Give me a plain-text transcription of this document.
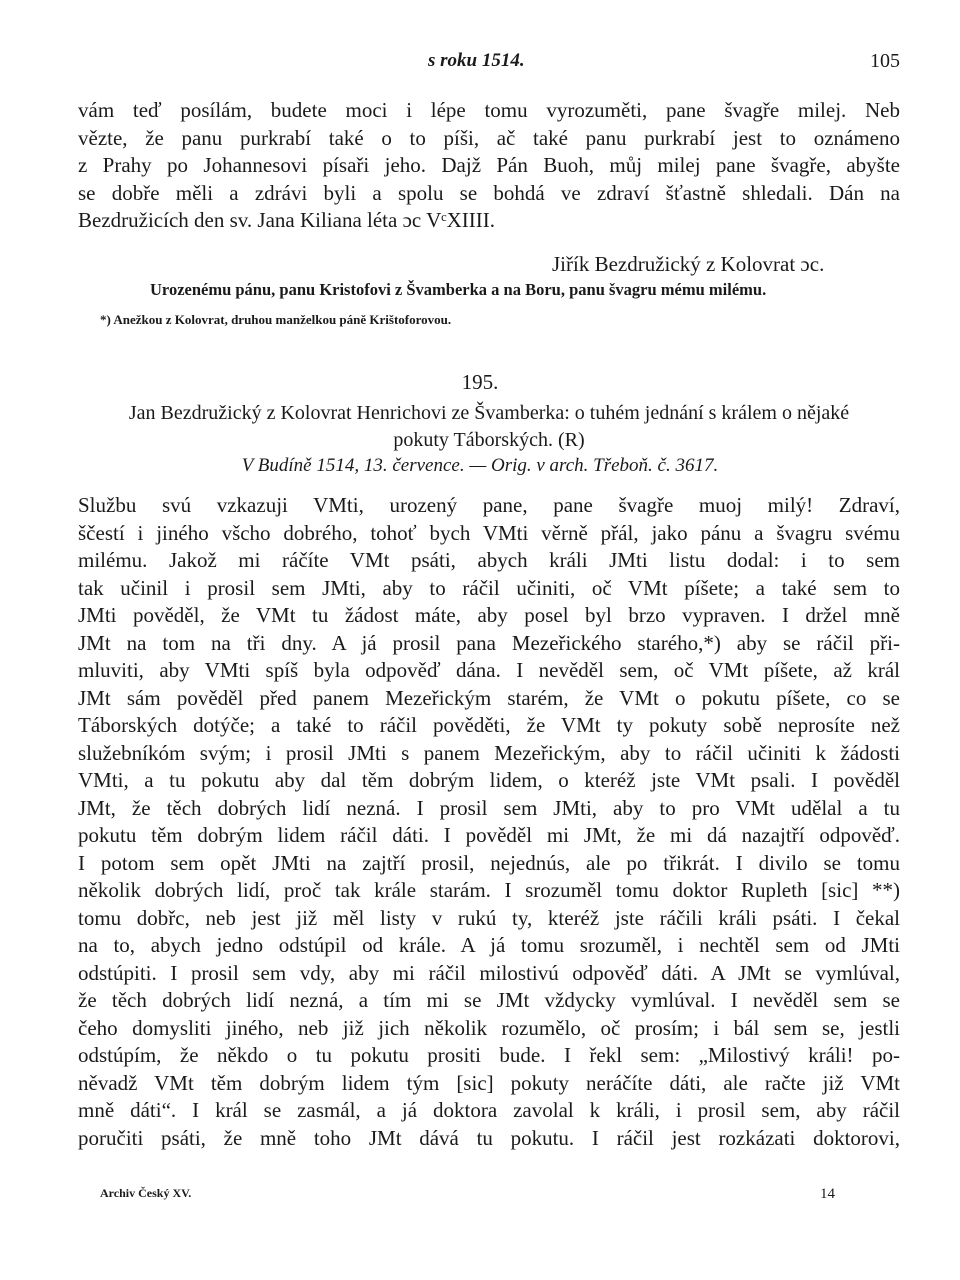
s roku 1514.	105
vám teď posílám, budete moci i lépe tomu vyrozuměti, pane švagře milej. Neb
vězte, že panu purkrabí také o to píši, ač také panu purkrabí jest to oznámeno
z Prahy po Johannesovi písaři jeho. Dajž Pán Buoh, můj milej pane švagře, abyšte
se dobře měli a zdrávi byli a spolu se bohdá ve zdraví šťastně shledali. Dán na
Bezdružicích den sv. Jana Kiliana léta ɔc VᶜXIIII.
Jiřík Bezdružický z Kolovrat ɔc.
Urozenému pánu, panu Kristofovi z Švamberka a na Boru, panu švagru mému milému.
*) Anežkou z Kolovrat, druhou manželkou páně Krištoforovou.
195.
Jan Bezdružický z Kolovrat Henrichovi ze Švamberka: o tuhém jednání s králem o nějaké
pokuty Táborských. (R)
V Budíně 1514, 13. července. — Orig. v arch. Třeboň. č. 3617.
Službu svú vzkazuji VMti, urozený pane, pane švagře muoj milý! Zdraví,
ščestí i jiného všcho dobrého, tohoť bych VMti věrně přál, jako pánu a švagru svému
milému. Jakož mi ráčíte VMt psáti, abych králi JMti listu dodal: i to sem
tak učinil i prosil sem JMti, aby to ráčil učiniti, oč VMt píšete; a také sem to
JMti pověděl, že VMt tu žádost máte, aby posel byl brzo vypraven. I držel mně
JMt na tom na tři dny. A já prosil pana Mezeřického starého,*) aby se ráčil při-
mluviti, aby VMti spíš byla odpověď dána. I nevěděl sem, oč VMt píšete, až král
JMt sám pověděl před panem Mezeřickým starém, že VMt o pokutu píšete, co se
Táborských dotýče; a také to ráčil pověděti, že VMt ty pokuty sobě neprosíte než
služebníkóm svým; i prosil JMti s panem Mezeřickým, aby to ráčil učiniti k žádosti
VMti, a tu pokutu aby dal těm dobrým lidem, o kteréž jste VMt psali. I pověděl
JMt, že těch dobrých lidí nezná. I prosil sem JMti, aby to pro VMt udělal a tu
pokutu těm dobrým lidem ráčil dáti. I pověděl mi JMt, že mi dá nazajtří odpověď.
I potom sem opět JMti na zajtří prosil, nejednús, ale po třikrát. I divilo se tomu
několik dobrých lidí, proč tak krále starám. I srozuměl tomu doktor Rupleth [sic] **)
tomu dobřc, neb jest již měl listy v rukú ty, kteréž jste ráčili králi psáti. I čekal
na to, abych jedno odstúpil od krále. A já tomu srozuměl, i nechtěl sem od JMti
odstúpiti. I prosil sem vdy, aby mi ráčil milostivú odpověď dáti. A JMt se vymlúval,
že těch dobrých lidí nezná, a tím mi se JMt vždycky vymlúval. I nevěděl sem se
čeho domysliti jiného, neb již jich několik rozumělo, oč prosím; i bál sem se, jestli
odstúpím, že někdo o tu pokutu prositi bude. I řekl sem: „Milostivý králi! po-
něvadž VMt těm dobrým lidem tým [sic] pokuty neráčíte dáti, ale račte již VMt
mně dáti“. I král se zasmál, a já doktora zavolal k králi, i prosil sem, aby ráčil
poručiti psáti, že mně toho JMt dává tu pokutu. I ráčil jest rozkázati doktorovi,
Archiv Český XV.	14
